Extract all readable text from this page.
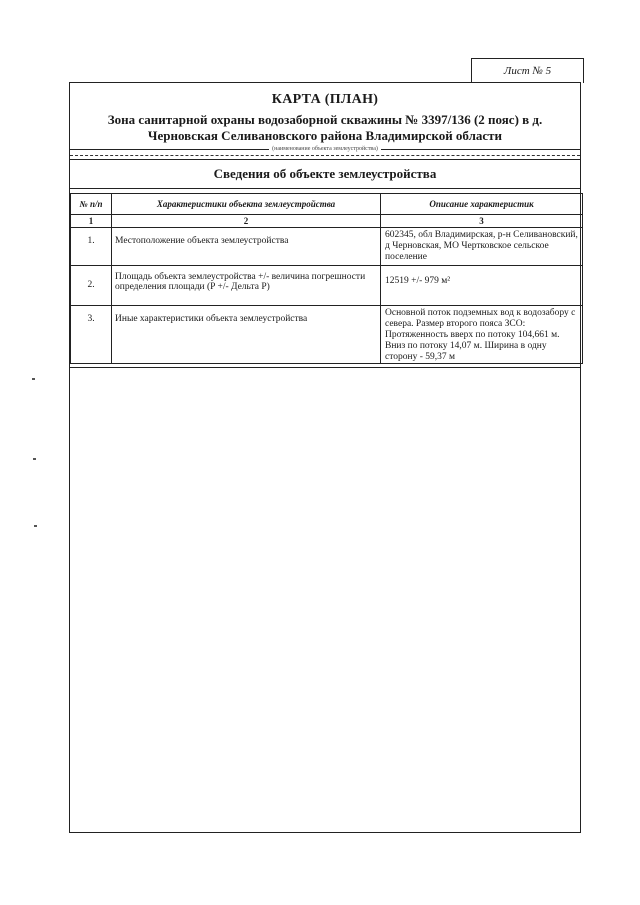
Лист № 5
КАРТА (ПЛАН)
Зона санитарной охраны водозаборной скважины № 3397/136 (2 пояс) в д.
Черновская Селивановского района Владимирской области
(наименование объекта землеустройства)
Сведения об объекте землеустройства
№ п/п	Характеристики объекта землеустройства	Описание характеристик
1	2	3
1.	Местоположение объекта землеустройства	602345, обл Владимирская, р-н Селивановский, д Черновская, МО Чертковское сельское поселение
2.	Площадь объекта землеустройства +/- величина погрешности определения площади (P +/- Дельта P)	12519 +/- 979 м²
3.	Иные характеристики объекта землеустройства	Основной поток подземных вод к водозабору с севера. Размер второго пояса ЗСО: Протяженность вверх по потоку 104,661 м. Вниз по потоку 14,07 м. Ширина в одну сторону - 59,37 м
